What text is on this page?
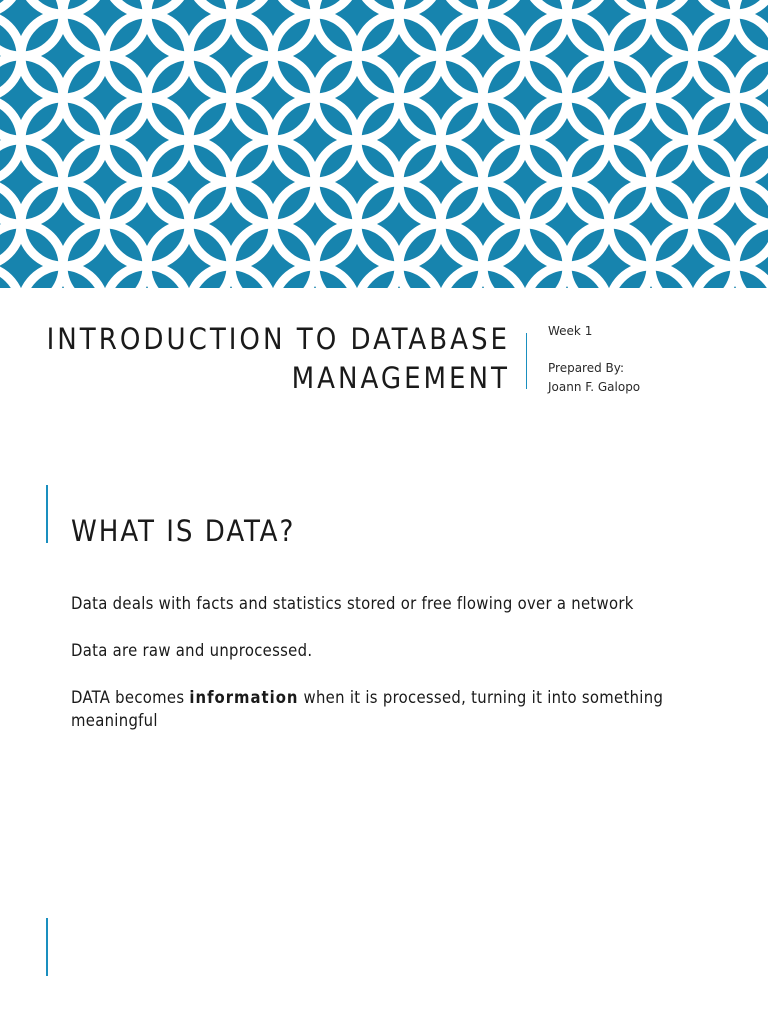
INTRODUCTION TO DATABASE
MANAGEMENT
Week 1
Prepared By:
Joann F. Galopo
WHAT IS DATA?

Data deals with facts and statistics stored or free flowing over a network

Data are raw and unprocessed.

DATA becomes information when it is processed, turning it into something meaningful
